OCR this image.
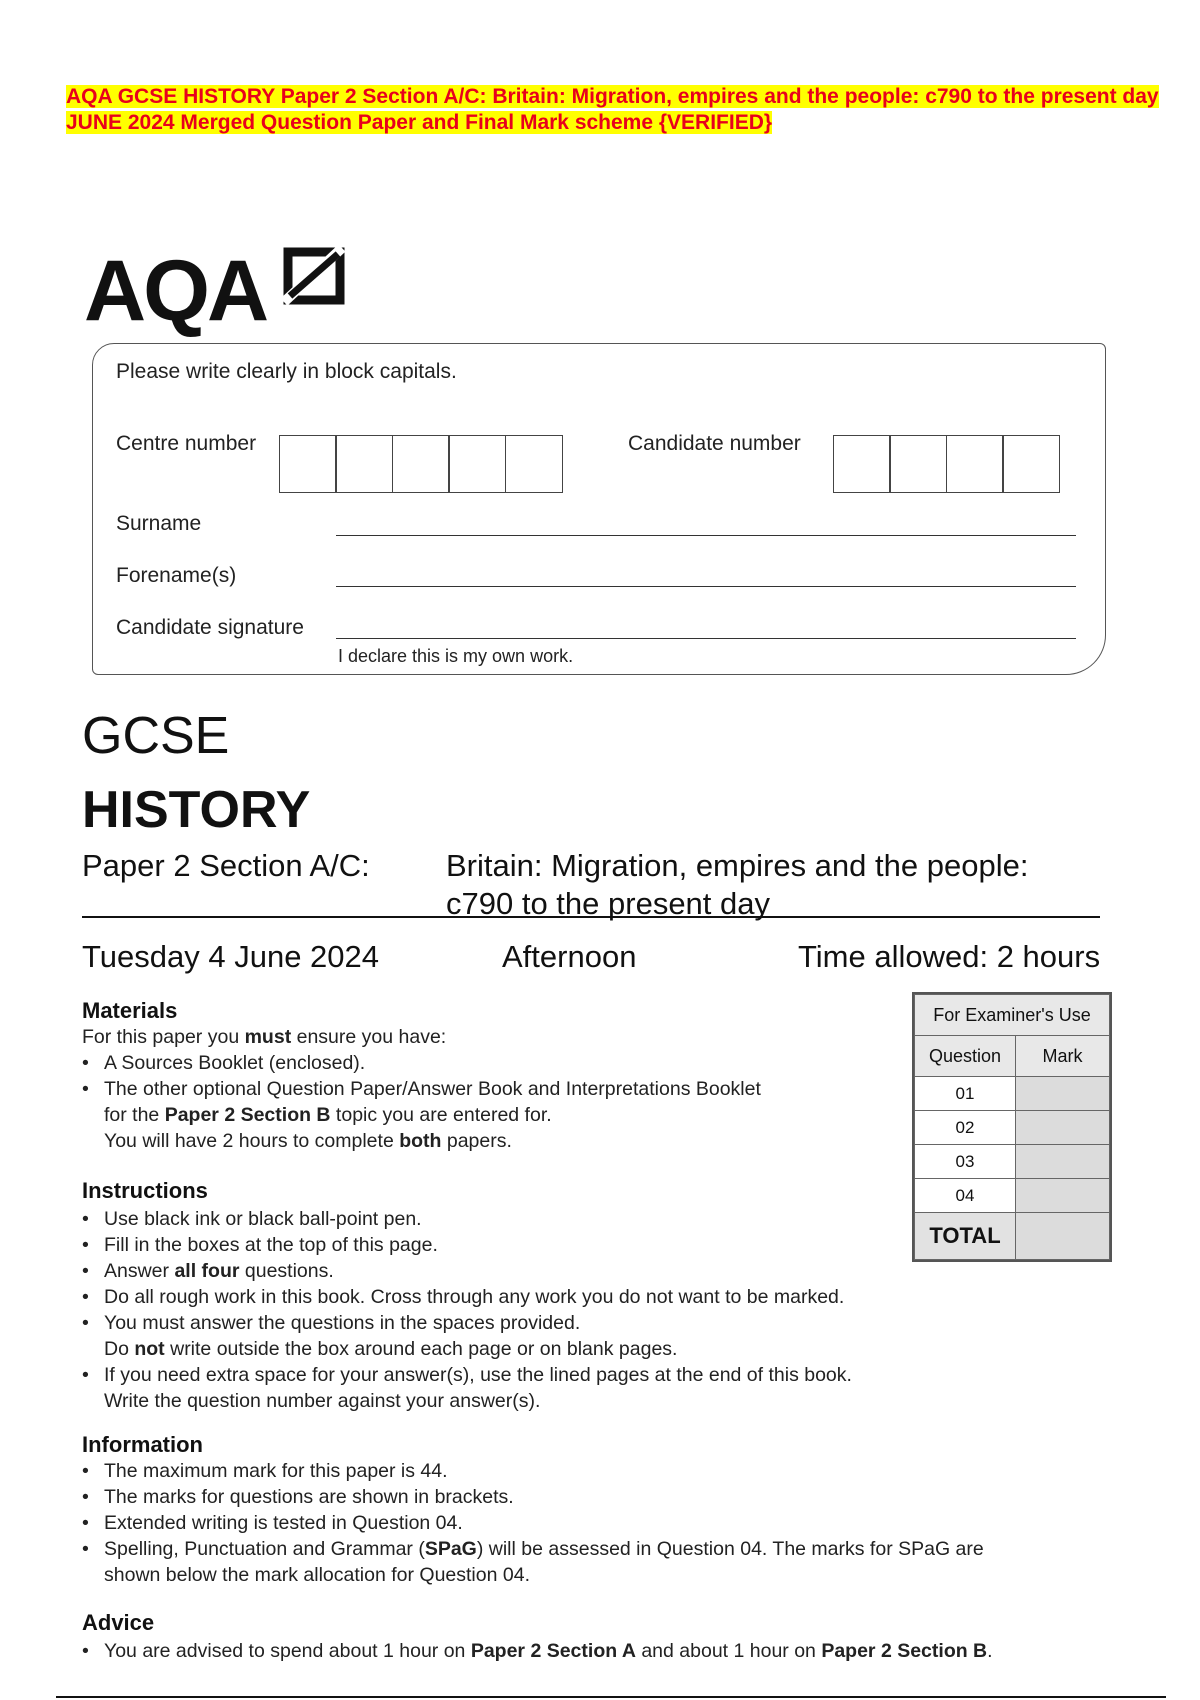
AQA GCSE HISTORY Paper 2 Section A/C: Britain: Migration, empires and the people: c790 to the present day JUNE 2024 Merged Question Paper and Final Mark scheme {VERIFIED}
AQA
Please write clearly in block capitals.
Centre number	Candidate number
Surname
Forename(s)
Candidate signature
I declare this is my own work.
GCSE
HISTORY
Paper 2 Section A/C: Britain: Migration, empires and the people:
c790 to the present day
Tuesday 4 June 2024	Afternoon	Time allowed: 2 hours
Materials
For this paper you must ensure you have:
• A Sources Booklet (enclosed).
• The other optional Question Paper/Answer Book and Interpretations Booklet
for the Paper 2 Section B topic you are entered for.
You will have 2 hours to complete both papers.
Instructions
• Use black ink or black ball-point pen.
• Fill in the boxes at the top of this page.
• Answer all four questions.
• Do all rough work in this book. Cross through any work you do not want to be marked.
• You must answer the questions in the spaces provided.
Do not write outside the box around each page or on blank pages.
• If you need extra space for your answer(s), use the lined pages at the end of this book.
Write the question number against your answer(s).
Information
• The maximum mark for this paper is 44.
• The marks for questions are shown in brackets.
• Extended writing is tested in Question 04.
• Spelling, Punctuation and Grammar (SPaG) will be assessed in Question 04. The marks for SPaG are
shown below the mark allocation for Question 04.
Advice
• You are advised to spend about 1 hour on Paper 2 Section A and about 1 hour on Paper 2 Section B.
For Examiner's Use	
Question	Mark
01	
02	
03	
04	
TOTAL	
